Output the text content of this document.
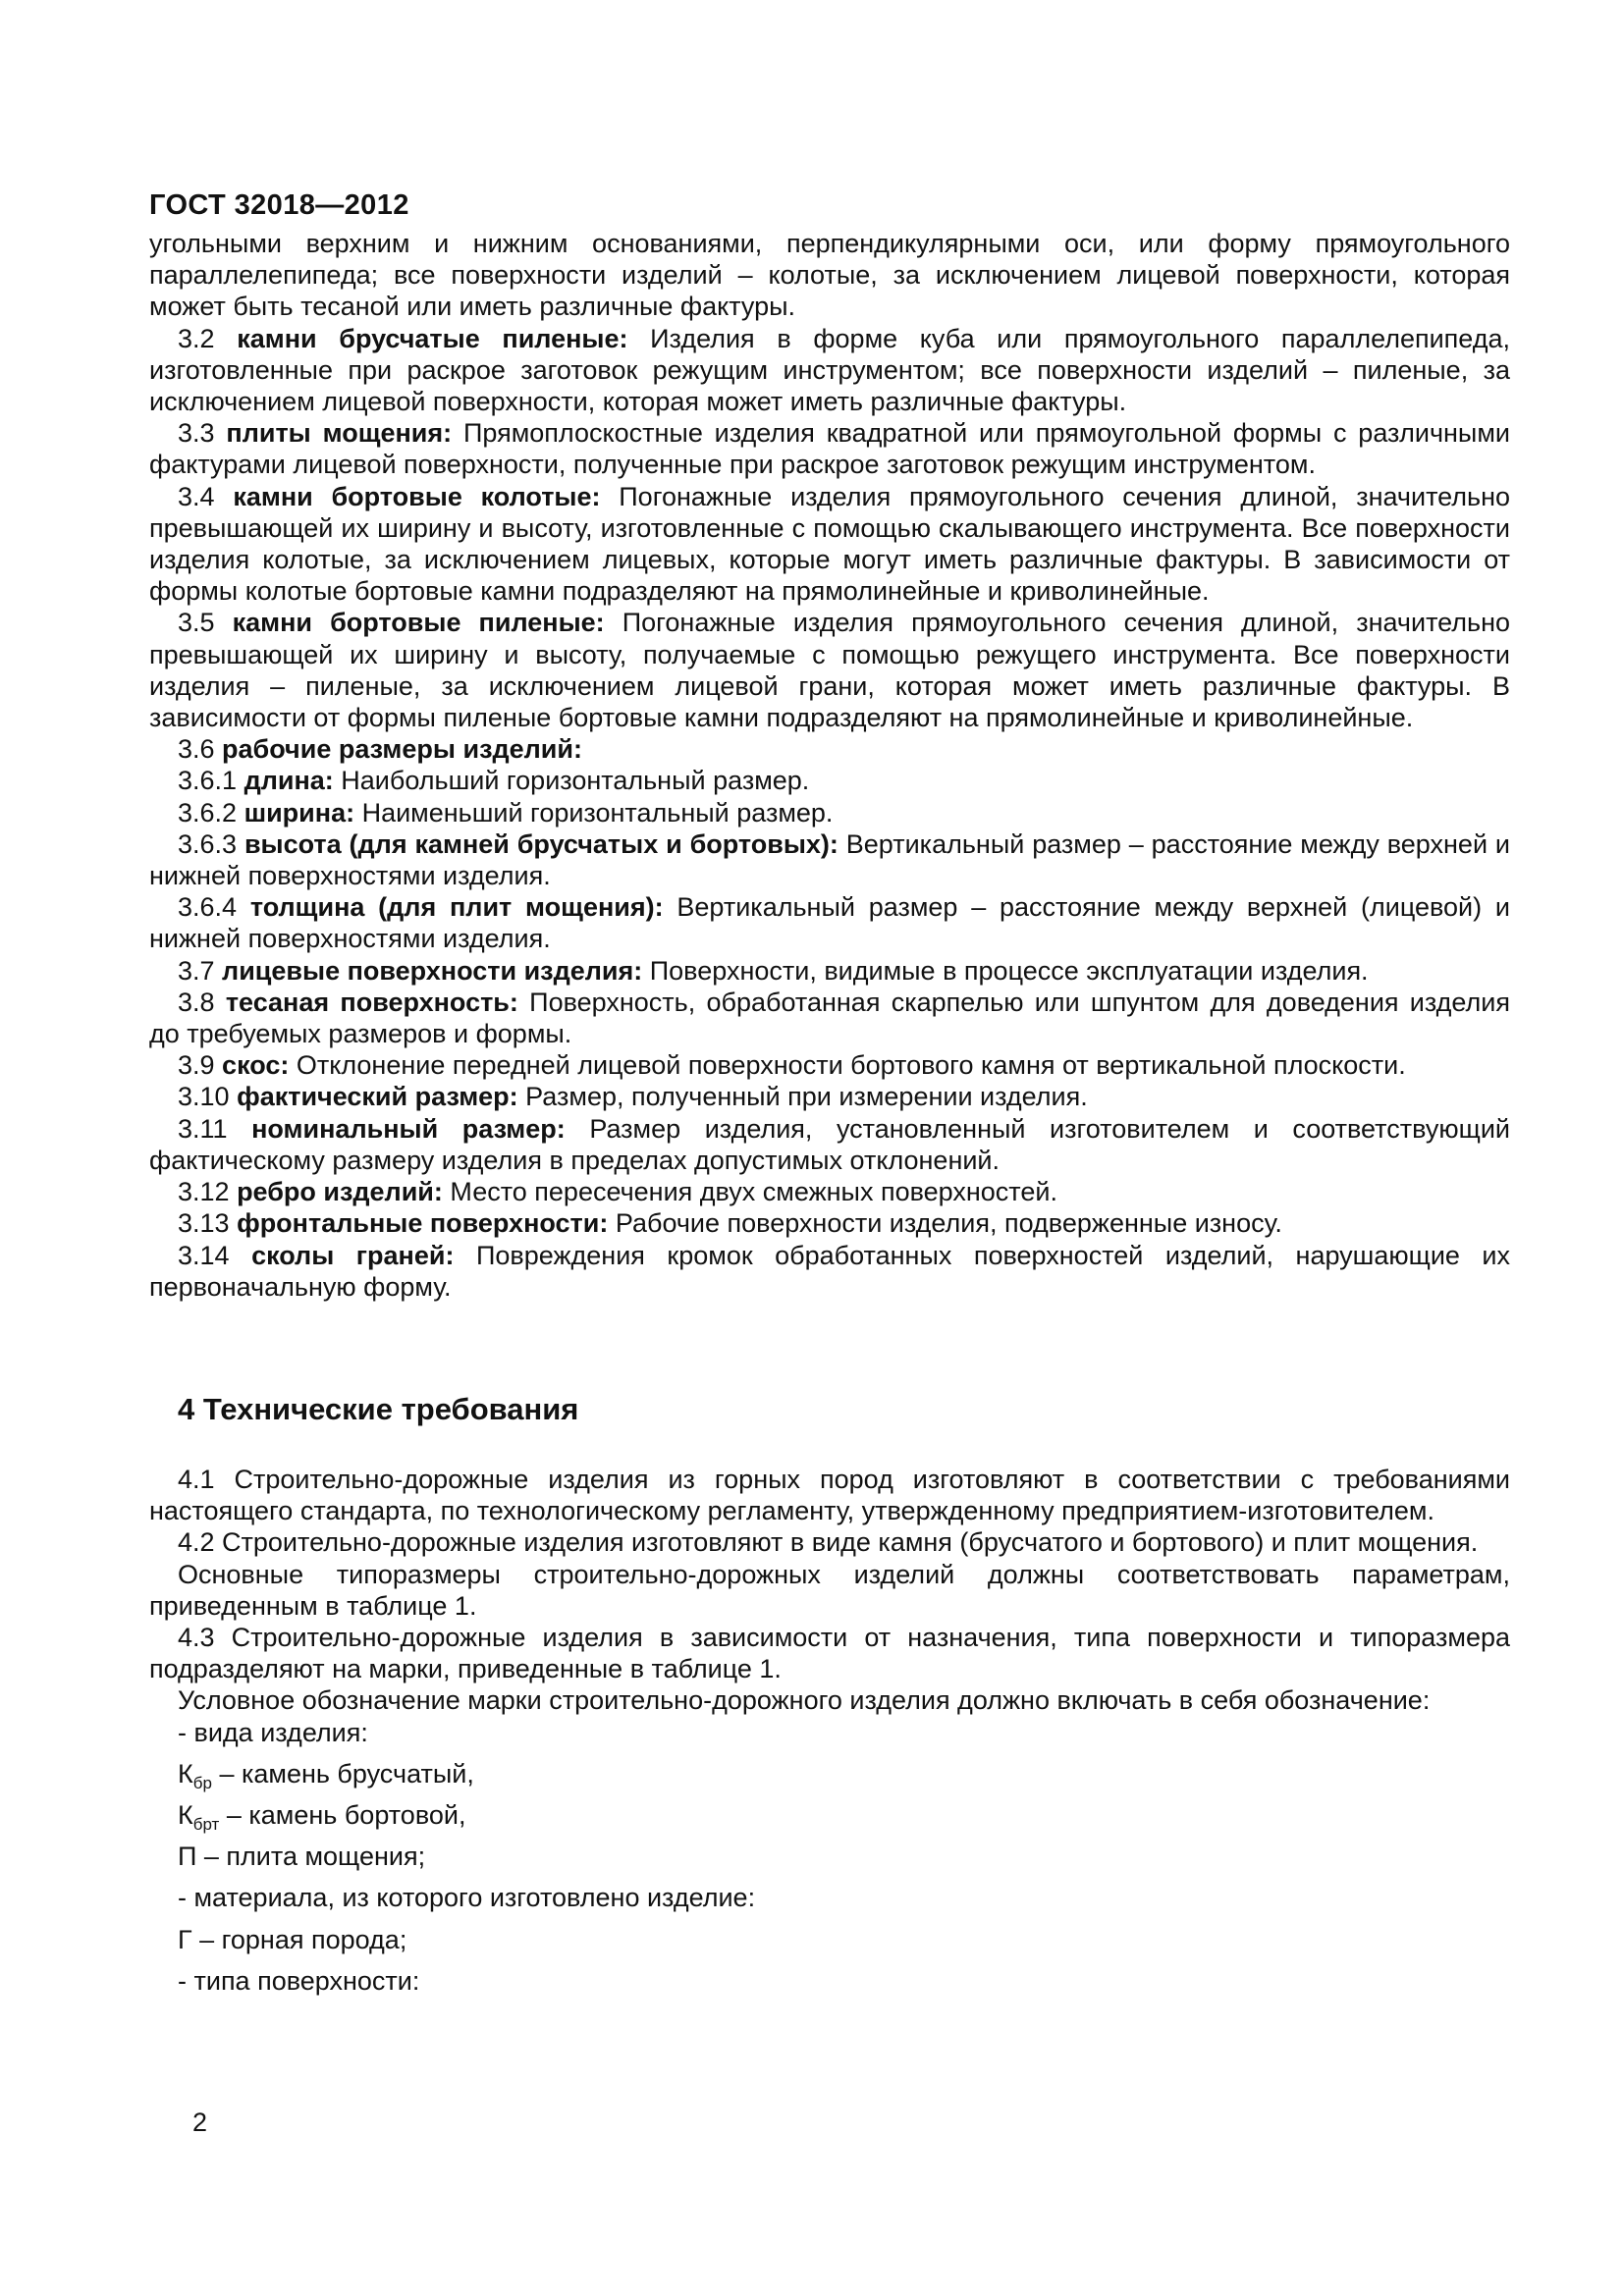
ГОСТ 32018—2012

угольными верхним и нижним основаниями, перпендикулярными оси, или форму прямоугольного параллелепипеда; все поверхности изделий – колотые, за исключением лицевой поверхности, которая может быть тесаной или иметь различные фактуры.

3.2 камни брусчатые пиленые: Изделия в форме куба или прямоугольного параллелепипеда, изготовленные при раскрое заготовок режущим инструментом; все поверхности изделий – пиленые, за исключением лицевой поверхности, которая может иметь различные фактуры.

3.3 плиты мощения: Прямоплоскостные изделия квадратной или прямоугольной формы с различными фактурами лицевой поверхности, полученные при раскрое заготовок режущим инструментом.

3.4 камни бортовые колотые: Погонажные изделия прямоугольного сечения длиной, значительно превышающей их ширину и высоту, изготовленные с помощью скалывающего инструмента. Все поверхности изделия колотые, за исключением лицевых, которые могут иметь различные фактуры. В зависимости от формы колотые бортовые камни подразделяют на прямолинейные и криволинейные.

3.5 камни бортовые пиленые: Погонажные изделия прямоугольного сечения длиной, значительно превышающей их ширину и высоту, получаемые с помощью режущего инструмента. Все поверхности изделия – пиленые, за исключением лицевой грани, которая может иметь различные фактуры. В зависимости от формы пиленые бортовые камни подразделяют на прямолинейные и криволинейные.

3.6 рабочие размеры изделий:

3.6.1 длина: Наибольший горизонтальный размер.

3.6.2 ширина: Наименьший горизонтальный размер.

3.6.3 высота (для камней брусчатых и бортовых): Вертикальный размер – расстояние между верхней и нижней поверхностями изделия.

3.6.4 толщина (для плит мощения): Вертикальный размер – расстояние между верхней (лицевой) и нижней поверхностями изделия.

3.7 лицевые поверхности изделия: Поверхности, видимые в процессе эксплуатации изделия.

3.8 тесаная поверхность: Поверхность, обработанная скарпелью или шпунтом для доведения изделия до требуемых размеров и формы.

3.9 скос: Отклонение передней лицевой поверхности бортового камня от вертикальной плоскости.

3.10 фактический размер: Размер, полученный при измерении изделия.

3.11 номинальный размер: Размер изделия, установленный изготовителем и соответствующий фактическому размеру изделия в пределах допустимых отклонений.

3.12 ребро изделий: Место пересечения двух смежных поверхностей.

3.13 фронтальные поверхности: Рабочие поверхности изделия, подверженные износу.

3.14 сколы граней: Повреждения кромок обработанных поверхностей изделий, нарушающие их первоначальную форму.

4 Технические требования

4.1 Строительно-дорожные изделия из горных пород изготовляют в соответствии с требованиями настоящего стандарта, по технологическому регламенту, утвержденному предприятием-изготовителем.

4.2 Строительно-дорожные изделия изготовляют в виде камня (брусчатого и бортового) и плит мощения.

Основные типоразмеры строительно-дорожных изделий должны соответствовать параметрам, приведенным в таблице 1.

4.3 Строительно-дорожные изделия в зависимости от назначения, типа поверхности и типоразмера подразделяют на марки, приведенные в таблице 1.

Условное обозначение марки строительно-дорожного изделия должно включать в себя обозначение:

- вида изделия:

$К_{бр}$ – камень брусчатый,

$К_{брт}$ – камень бортовой,

П – плита мощения;

- материала, из которого изготовлено изделие:

Г – горная порода;

- типа поверхности:

2
